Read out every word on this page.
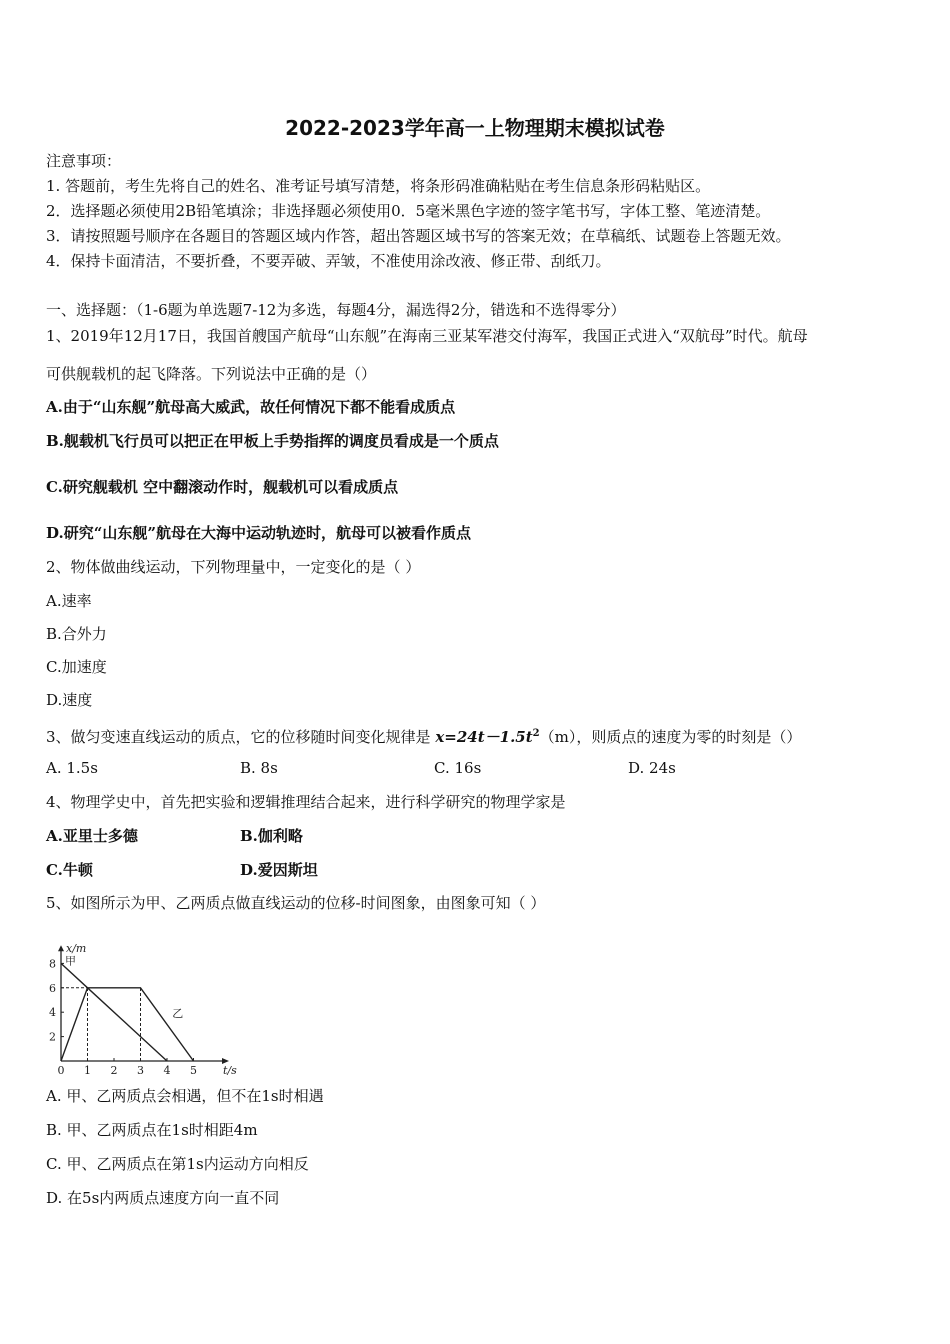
2022-2023学年高一上物理期末模拟试卷
注意事项：
1. 答题前，考生先将自己的姓名、准考证号填写清楚，将条形码准确粘贴在考生信息条形码粘贴区。
2．选择题必须使用2B铅笔填涂；非选择题必须使用0．5毫米黑色字迹的签字笔书写，字体工整、笔迹清楚。
3．请按照题号顺序在各题目的答题区域内作答，超出答题区域书写的答案无效；在草稿纸、试题卷上答题无效。
4．保持卡面清洁，不要折叠，不要弄破、弄皱，不准使用涂改液、修正带、刮纸刀。
一、选择题：（1-6题为单选题7-12为多选，每题4分，漏选得2分，错选和不选得零分）
1、2019年12月17日，我国首艘国产航母“山东舰”在海南三亚某军港交付海军，我国正式进入“双航母”时代。航母
可供舰载机的起飞降落。下列说法中正确的是（）
A.由于“山东舰”航母高大威武，故任何情况下都不能看成质点
B.舰载机飞行员可以把正在甲板上手势指挥的调度员看成是一个质点
C.研究舰载机 空中翻滚动作时，舰载机可以看成质点
D.研究“山东舰”航母在大海中运动轨迹时，航母可以被看作质点
2、物体做曲线运动，下列物理量中，一定变化的是（ ）
A.速率
B.合外力
C.加速度
D.速度
3、做匀变速直线运动的质点，它的位移随时间变化规律是 $x=24t-1.5t^2(m)$，则质点的速度为零的时刻是（）
A. 1.5s	B. 8s	C. 16s	D. 24s
4、物理学史中，首先把实验和逻辑推理结合起来，进行科学研究的物理学家是
A.亚里士多德	B.伽利略
C.牛顿	D.爱因斯坦
5、如图所示为甲、乙两质点做直线运动的位移-时间图象，由图象可知（ ）
0 1 2 3 4 5
2
4
6
8
t/s
x/m
甲
乙
A. 甲、乙两质点会相遇，但不在1s时相遇
B. 甲、乙两质点在1s时相距4m
C. 甲、乙两质点在第1s内运动方向相反
D. 在5s内两质点速度方向一直不同
